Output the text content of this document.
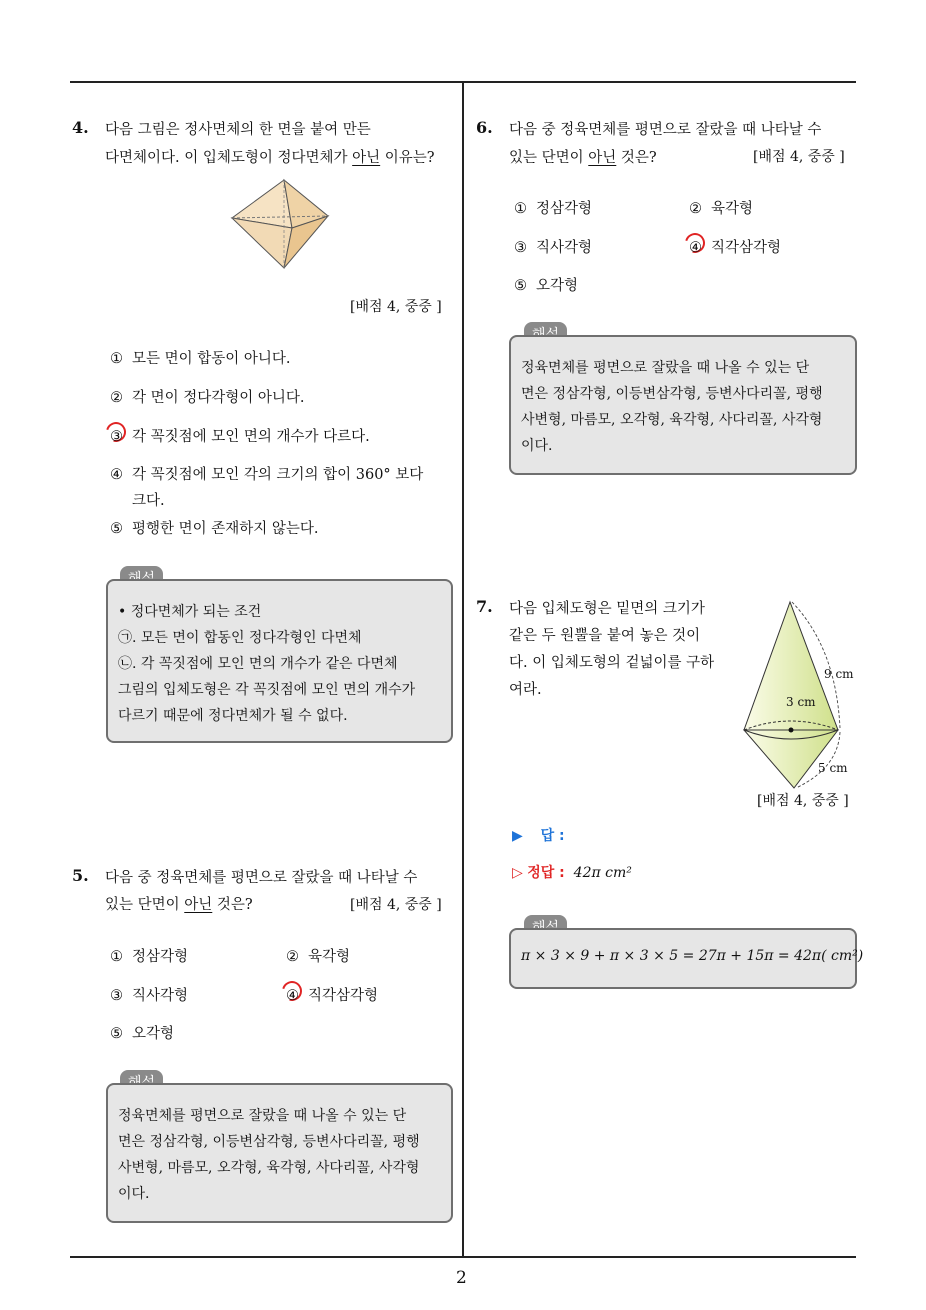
2
4. 다음 그림은 정사면체의 한 면을 붙여 만든
다면체이다. 이 입체도형이 정다면체가 아닌 이유는?
[배점 4, 중중 ]
① 모든 면이 합동이 아니다.
② 각 면이 정다각형이 아니다.
③ 각 꼭짓점에 모인 면의 개수가 다르다.
④ 각 꼭짓점에 모인 각의 크기의 합이 360° 보다
크다.
⑤ 평행한 면이 존재하지 않는다.
• 정다면체가 되는 조건
㉠. 모든 면이 합동인 정다각형인 다면체
㉡. 각 꼭짓점에 모인 면의 개수가 같은 다면체
그림의 입체도형은 각 꼭짓점에 모인 면의 개수가
다르기 때문에 정다면체가 될 수 없다.
5. 다음 중 정육면체를 평면으로 잘랐을 때 나타날 수
있는 단면이 아닌 것은?	[배점 4, 중중 ]
① 정삼각형	② 육각형
③ 직사각형	④ 직각삼각형
⑤ 오각형
정육면체를 평면으로 잘랐을 때 나올 수 있는 단
면은 정삼각형, 이등변삼각형, 등변사다리꼴, 평행
사변형, 마름모, 오각형, 육각형, 사다리꼴, 사각형
이다.
6. 다음 중 정육면체를 평면으로 잘랐을 때 나타날 수
있는 단면이 아닌 것은?	[배점 4, 중중 ]
① 정삼각형	② 육각형
③ 직사각형	④ 직각삼각형
⑤ 오각형
정육면체를 평면으로 잘랐을 때 나올 수 있는 단
면은 정삼각형, 이등변삼각형, 등변사다리꼴, 평행
사변형, 마름모, 오각형, 육각형, 사다리꼴, 사각형
이다.
7. 다음 입체도형은 밑면의 크기가
같은 두 원뿔을 붙여 놓은 것이
다. 이 입체도형의 겉넓이를 구하
여라.
9 cm
3 cm
5 cm
[배점 4, 중중 ]
▶ 답 :
▷ 정답 : 42π cm²
π × 3 × 9 + π × 3 × 5 = 27π + 15π = 42π( cm²)
